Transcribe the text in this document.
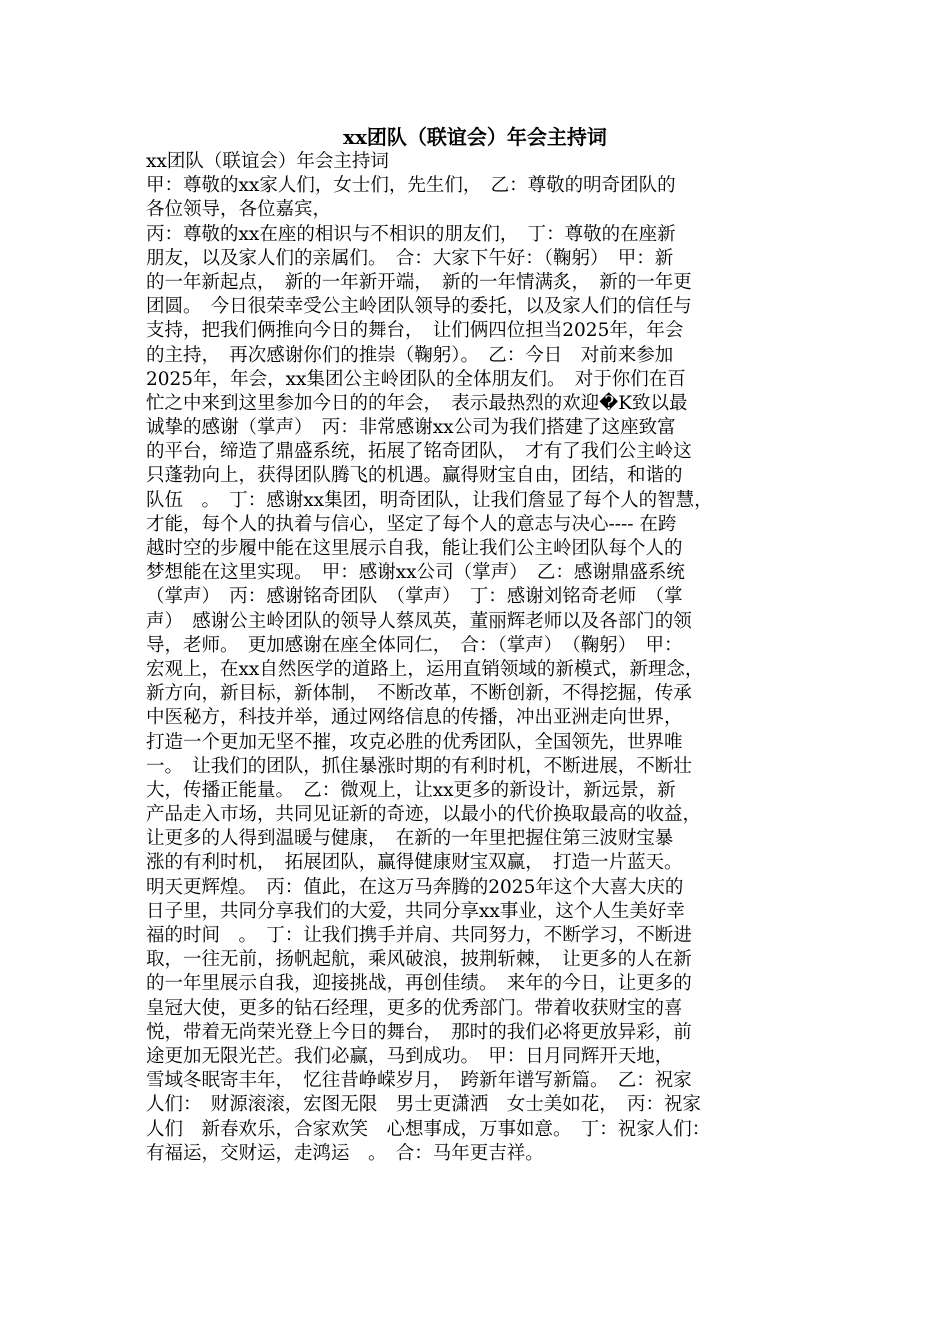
xx团队（联谊会）年会主持词
xx团队（联谊会）年会主持词
甲：尊敬的xx家人们，女士们，先生们，　乙：尊敬的明奇团队的
各位领导，各位嘉宾，
丙：尊敬的xx在座的相识与不相识的朋友们，　丁：尊敬的在座新
朋友，以及家人们的亲属们。　合：大家下午好：（鞠躬）　甲：新
的一年新起点，　新的一年新开端，　新的一年情满炙，　新的一年更
团圆。　今日很荣幸受公主岭团队领导的委托，以及家人们的信任与
支持，把我们俩推向今日的舞台，　让们俩四位担当2025年，年会
的主持，　再次感谢你们的推崇（鞠躬）。　乙：今日　对前来参加
2025年，年会，xx集团公主岭团队的全体朋友们。　对于你们在百
忙之中来到这里参加今日的的年会，　表示最热烈的欢迎�K致以最
诚挚的感谢（掌声）　丙：非常感谢xx公司为我们搭建了这座致富
的平台，缔造了鼎盛系统，拓展了铭奇团队，　才有了我们公主岭这
只蓬勃向上，获得团队腾飞的机遇。赢得财宝自由，团结，和谐的
队伍　。　丁：感谢xx集团，明奇团队，让我们詹显了每个人的智慧，
才能，每个人的执着与信心，坚定了每个人的意志与决心---- 在跨
越时空的步履中能在这里展示自我，能让我们公主岭团队每个人的
梦想能在这里实现。　甲：感谢xx公司（掌声）　乙：感谢鼎盛系统
（掌声）　丙：感谢铭奇团队　（掌声）　丁：感谢刘铭奇老师　（掌
声）　感谢公主岭团队的领导人蔡凤英，董丽辉老师以及各部门的领
导，老师。　更加感谢在座全体同仁，　合：（掌声）　（鞠躬）　甲：
宏观上，在xx自然医学的道路上，运用直销领域的新模式，新理念，
新方向，新目标，新体制，　不断改革，不断创新，不得挖掘，传承
中医秘方，科技并举，通过网络信息的传播，冲出亚洲走向世界，
打造一个更加无坚不摧，攻克必胜的优秀团队，全国领先，世界唯
一。　让我们的团队，抓住暴涨时期的有利时机，不断进展，不断壮
大，传播正能量。　乙：微观上，让xx更多的新设计，新远景，新
产品走入市场，共同见证新的奇迹，以最小的代价换取最高的收益，
让更多的人得到温暖与健康，　在新的一年里把握住第三波财宝暴
涨的有利时机，　拓展团队，赢得健康财宝双赢，　打造一片蓝天。
明天更辉煌。　丙：值此，在这万马奔腾的2025年这个大喜大庆的
日子里，共同分享我们的大爱，共同分享xx事业，这个人生美好幸
福的时间　。　丁：让我们携手并肩、共同努力，不断学习，不断进
取，一往无前，扬帆起航，乘风破浪，披荆斩棘，　让更多的人在新
的一年里展示自我，迎接挑战，再创佳绩。　来年的今日，让更多的
皇冠大使，更多的钻石经理，更多的优秀部门。带着收获财宝的喜
悦，带着无尚荣光登上今日的舞台，　那时的我们必将更放异彩，前
途更加无限光芒。我们必赢，马到成功。　甲：日月同辉开天地，
雪域冬眠寄丰年，　忆往昔峥嵘岁月，　跨新年谱写新篇。　乙：祝家
人们：　财源滚滚，宏图无限　男士更潇洒　女士美如花，　丙：祝家
人们　新春欢乐，合家欢笑　心想事成，万事如意。　丁：祝家人们：
有福运，交财运，走鸿运　。　合：马年更吉祥。
